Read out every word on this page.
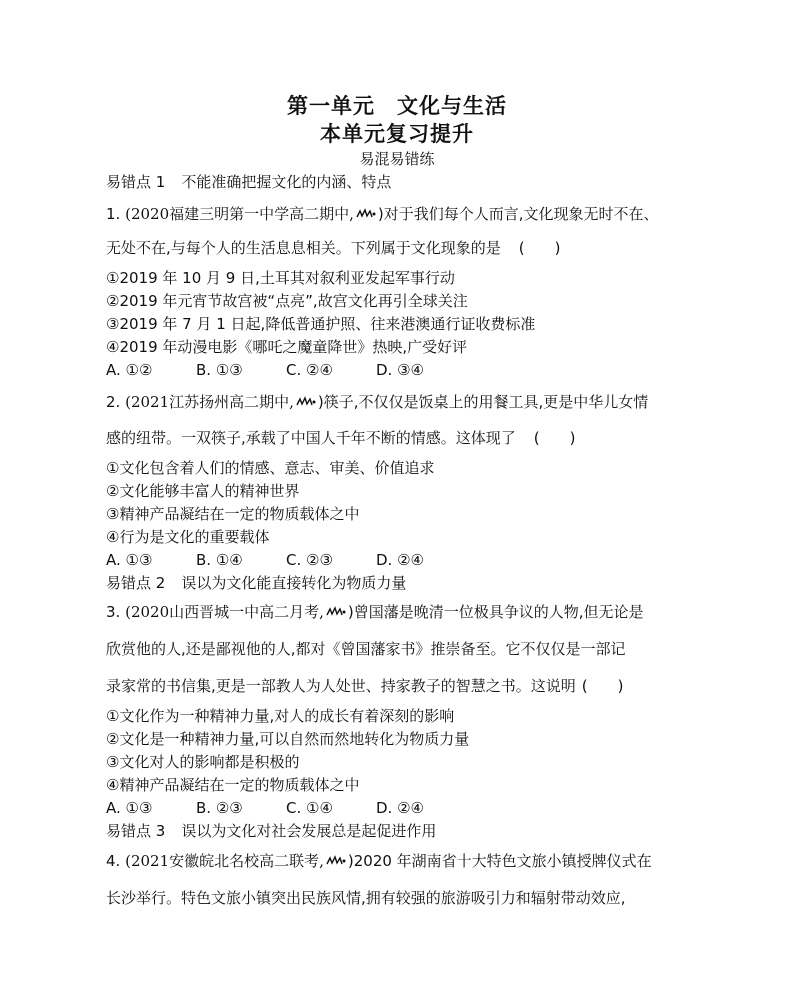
第一单元 文化与生活
本单元复习提升
易混易错练
易错点 1 不能准确把握文化的内涵、特点
1. (2020福建三明第一中学高二期中, )对于我们每个人而言,文化现象无时不在、
无处不在,与每个人的生活息息相关。下列属于文化现象的是 (　　)
①2019 年 10 月 9 日,土耳其对叙利亚发起军事行动
②2019 年元宵节故宫被“点亮”,故宫文化再引全球关注
③2019 年 7 月 1 日起,降低普通护照、往来港澳通行证收费标准
④2019 年动漫电影《哪吒之魔童降世》热映,广受好评
A. ①②	B. ①③	C. ②④	D. ③④
2. (2021江苏扬州高二期中, )筷子,不仅仅是饭桌上的用餐工具,更是中华儿女情
感的纽带。一双筷子,承载了中国人千年不断的情感。这体现了 (　　)
①文化包含着人们的情感、意志、审美、价值追求
②文化能够丰富人的精神世界
③精神产品凝结在一定的物质载体之中
④行为是文化的重要载体
A. ①③	B. ①④	C. ②③	D. ②④
易错点 2 误以为文化能直接转化为物质力量
3. (2020山西晋城一中高二月考, )曾国藩是晚清一位极具争议的人物,但无论是
欣赏他的人,还是鄙视他的人,都对《曾国藩家书》推崇备至。它不仅仅是一部记
录家常的书信集,更是一部教人为人处世、持家教子的智慧之书。这说明 (　　)
①文化作为一种精神力量,对人的成长有着深刻的影响
②文化是一种精神力量,可以自然而然地转化为物质力量
③文化对人的影响都是积极的
④精神产品凝结在一定的物质载体之中
A. ①③	B. ②③	C. ①④	D. ②④
易错点 3 误以为文化对社会发展总是起促进作用
4. (2021安徽皖北名校高二联考, )2020 年湖南省十大特色文旅小镇授牌仪式在
长沙举行。特色文旅小镇突出民族风情,拥有较强的旅游吸引力和辐射带动效应,
